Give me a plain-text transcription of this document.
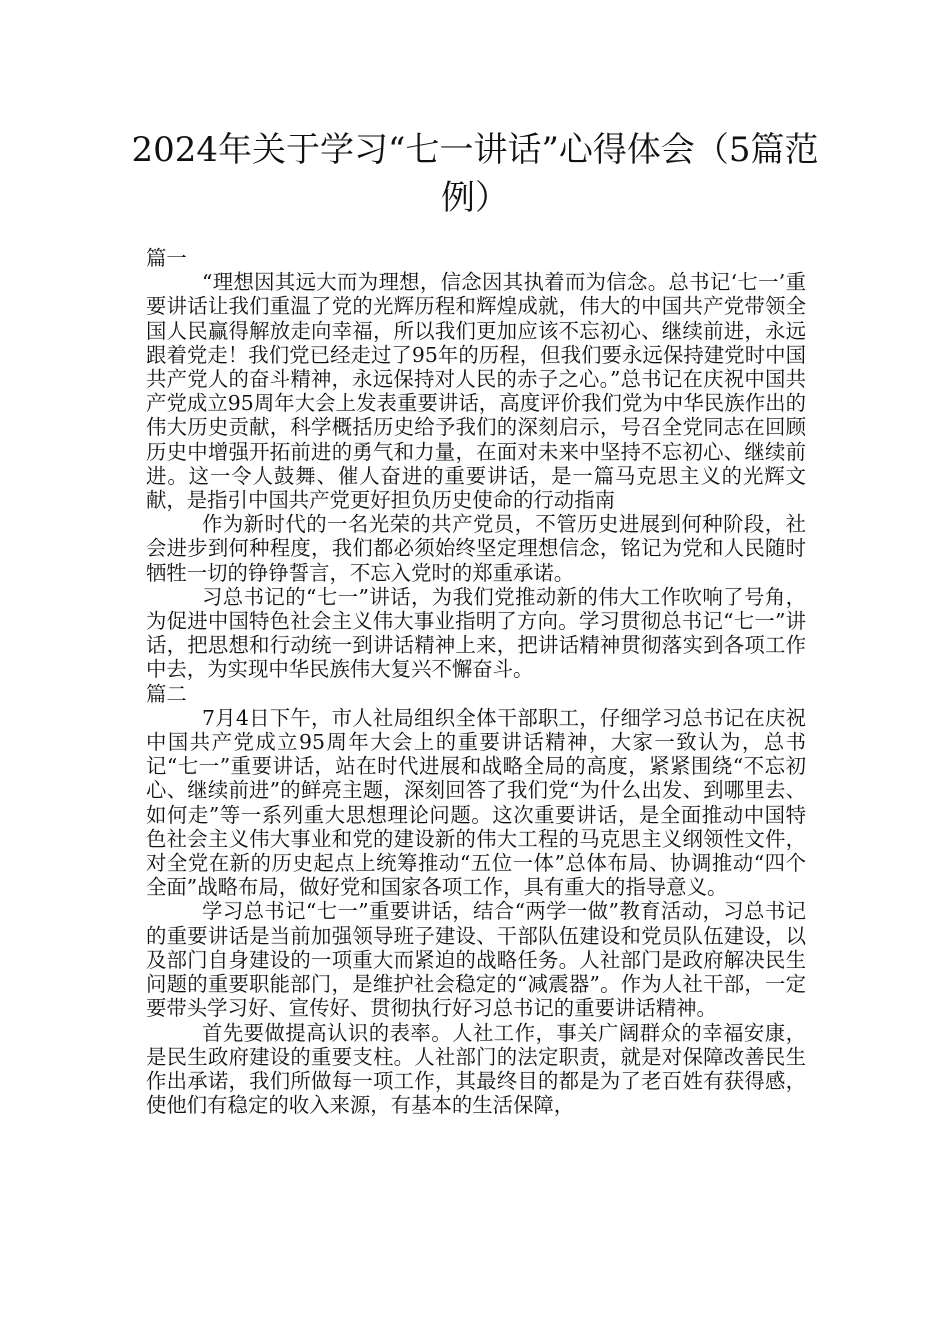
2024年关于学习“七一讲话”心得体会（5篇范例）

篇一

“理想因其远大而为理想，信念因其执着而为信念。总书记‘七一’重要讲话让我们重温了党的光辉历程和辉煌成就，伟大的中国共产党带领全国人民赢得解放走向幸福，所以我们更加应该不忘初心、继续前进，永远跟着党走！我们党已经走过了95年的历程，但我们要永远保持建党时中国共产党人的奋斗精神，永远保持对人民的赤子之心。”总书记在庆祝中国共产党成立95周年大会上发表重要讲话，高度评价我们党为中华民族作出的伟大历史贡献，科学概括历史给予我们的深刻启示，号召全党同志在回顾历史中增强开拓前进的勇气和力量，在面对未来中坚持不忘初心、继续前进。这一令人鼓舞、催人奋进的重要讲话，是一篇马克思主义的光辉文献，是指引中国共产党更好担负历史使命的行动指南

作为新时代的一名光荣的共产党员，不管历史进展到何种阶段，社会进步到何种程度，我们都必须始终坚定理想信念，铭记为党和人民随时牺牲一切的铮铮誓言，不忘入党时的郑重承诺。

习总书记的“七一”讲话，为我们党推动新的伟大工作吹响了号角，为促进中国特色社会主义伟大事业指明了方向。学习贯彻总书记“七一”讲话，把思想和行动统一到讲话精神上来，把讲话精神贯彻落实到各项工作中去，为实现中华民族伟大复兴不懈奋斗。

篇二

7月4日下午，市人社局组织全体干部职工，仔细学习总书记在庆祝中国共产党成立95周年大会上的重要讲话精神，大家一致认为，总书记“七一”重要讲话，站在时代进展和战略全局的高度，紧紧围绕“不忘初心、继续前进”的鲜亮主题，深刻回答了我们党“为什么出发、到哪里去、如何走”等一系列重大思想理论问题。这次重要讲话，是全面推动中国特色社会主义伟大事业和党的建设新的伟大工程的马克思主义纲领性文件，对全党在新的历史起点上统筹推动“五位一体”总体布局、协调推动“四个全面”战略布局，做好党和国家各项工作，具有重大的指导意义。

学习总书记“七一”重要讲话，结合“两学一做”教育活动，习总书记的重要讲话是当前加强领导班子建设、干部队伍建设和党员队伍建设，以及部门自身建设的一项重大而紧迫的战略任务。人社部门是政府解决民生问题的重要职能部门，是维护社会稳定的“减震器”。作为人社干部，一定要带头学习好、宣传好、贯彻执行好习总书记的重要讲话精神。

首先要做提高认识的表率。人社工作，事关广阔群众的幸福安康，是民生政府建设的重要支柱。人社部门的法定职责，就是对保障改善民生作出承诺，我们所做每一项工作，其最终目的都是为了老百姓有获得感，使他们有稳定的收入来源，有基本的生活保障，
